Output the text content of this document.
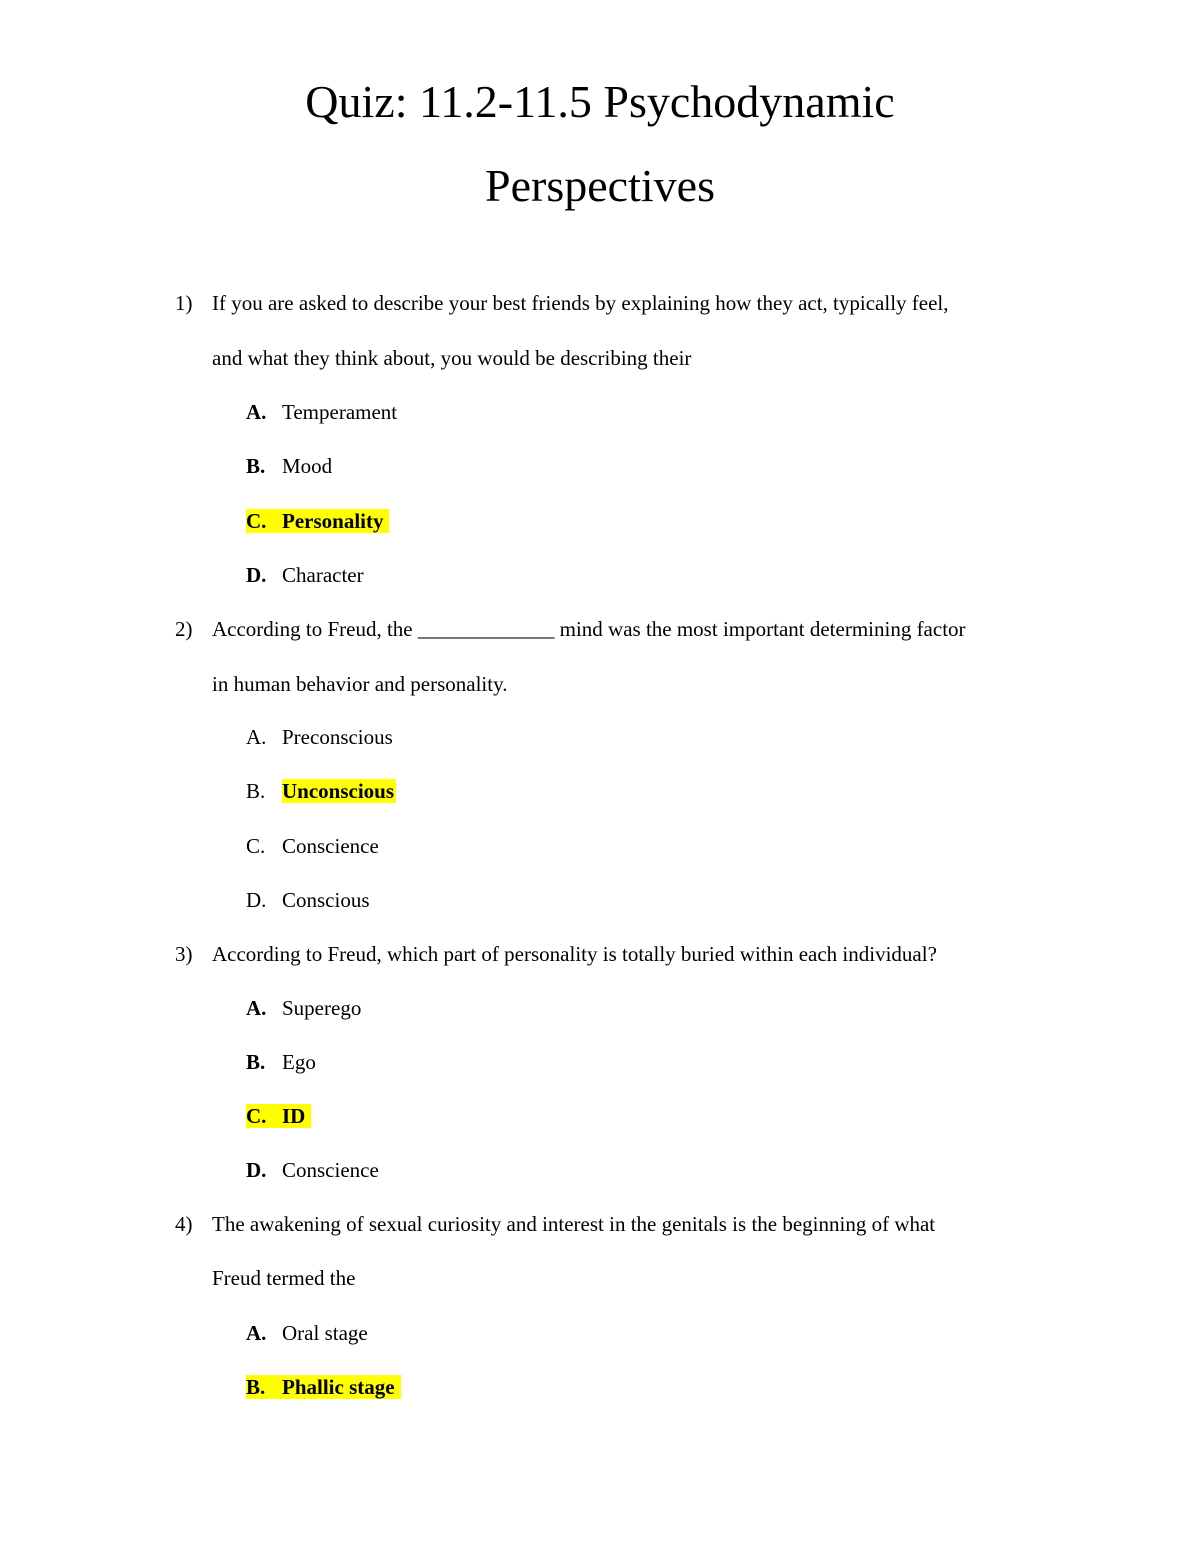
Quiz: 11.2-11.5 Psychodynamic
Perspectives
1) If you are asked to describe your best friends by explaining how they act, typically feel,
and what they think about, you would be describing their
A. Temperament
B. Mood
C. Personality
D. Character
2) According to Freud, the _____________ mind was the most important determining factor
in human behavior and personality.
A. Preconscious
B. Unconscious
C. Conscience
D. Conscious
3) According to Freud, which part of personality is totally buried within each individual?
A. Superego
B. Ego
C. ID
D. Conscience
4) The awakening of sexual curiosity and interest in the genitals is the beginning of what
Freud termed the
A. Oral stage
B. Phallic stage
